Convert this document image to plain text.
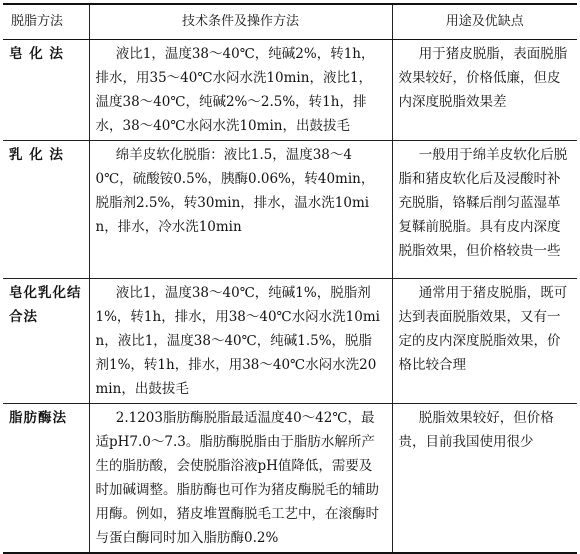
脱脂方法	技术条件及操作方法	用途及优缺点
皂 化 法	液比1，温度38～40℃，纯碱2%，转1h，排水，用35～40℃水闷水洗10min，液比1，温度38～40℃，纯碱2%～2.5%，转1h，排水，38～40℃水闷水洗10min，出鼓拔毛	用于猪皮脱脂，表面脱脂效果较好，价格低廉，但皮内深度脱脂效果差
乳 化 法	绵羊皮软化脱脂：液比1.5，温度38～40℃，硫酸铵0.5%，胰酶0.06%，转40min，脱脂剂2.5%，转30min，排水，温水洗10min，排水，冷水洗10min	一般用于绵羊皮软化后脱脂和猪皮软化后及浸酸时补充脱脂，铬鞣后削匀蓝湿革复鞣前脱脂。具有皮内深度脱脂效果，但价格较贵一些
皂化乳化结合法	液比1，温度38～40℃，纯碱1%，脱脂剂1%，转1h，排水，用38～40℃水闷水洗10min，液比1，温度38～40℃，纯碱1.5%，脱脂剂1%，转1h，排水，用38～40℃水闷水洗20min，出鼓拔毛	通常用于猪皮脱脂，既可达到表面脱脂效果，又有一定的皮内深度脱脂效果，价格比较合理
脂肪酶法	2.1203脂肪酶脱脂最适温度40～42℃，最适pH7.0～7.3。脂肪酶脱脂由于脂肪水解所产生的脂肪酸，会使脱脂浴液pH值降低，需要及时加碱调整。脂肪酶也可作为猪皮酶脱毛的辅助用酶。例如，猪皮堆置酶脱毛工艺中，在滚酶时与蛋白酶同时加入脂肪酶0.2%	脱脂效果较好，但价格贵，目前我国使用很少
